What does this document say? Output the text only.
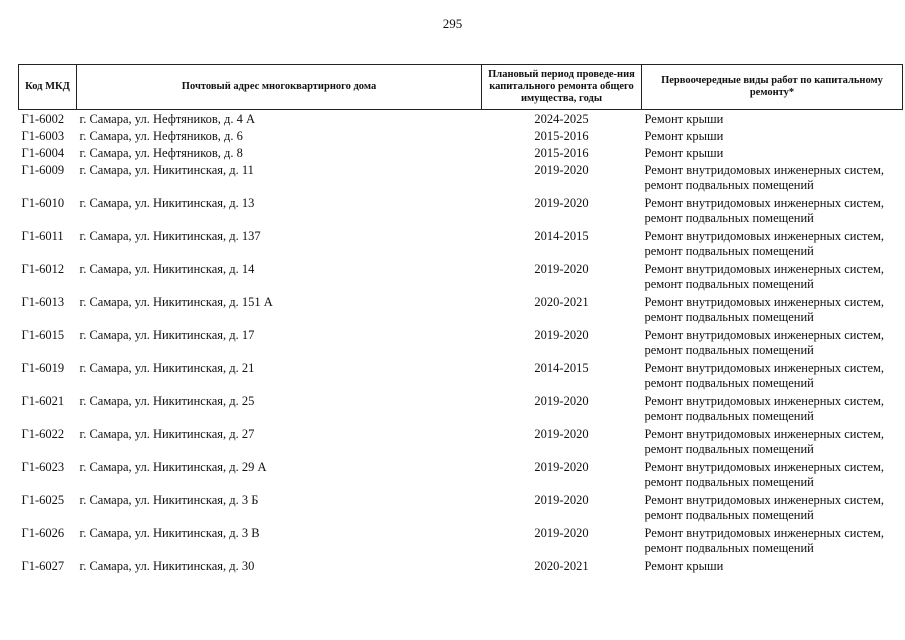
295
Код МКД	Почтовый адрес многоквартирного дома	Плановый период проведе-ния капитального ремонта общего имущества, годы	Первоочередные виды работ по капитальному ремонту*
Г1-6002	г. Самара, ул. Нефтяников, д. 4 А	2024-2025	Ремонт крыши

Г1-6003	г. Самара, ул. Нефтяников, д. 6	2015-2016	Ремонт крыши

Г1-6004	г. Самара, ул. Нефтяников, д. 8	2015-2016	Ремонт крыши

Г1-6009	г. Самара, ул. Никитинская, д. 11	2019-2020	Ремонт внутридомовых инженерных систем,
ремонт подвальных помещений

Г1-6010	г. Самара, ул. Никитинская, д. 13	2019-2020	Ремонт внутридомовых инженерных систем,
ремонт подвальных помещений

Г1-6011	г. Самара, ул. Никитинская, д. 137	2014-2015	Ремонт внутридомовых инженерных систем,
ремонт подвальных помещений

Г1-6012	г. Самара, ул. Никитинская, д. 14	2019-2020	Ремонт внутридомовых инженерных систем,
ремонт подвальных помещений

Г1-6013	г. Самара, ул. Никитинская, д. 151 А	2020-2021	Ремонт внутридомовых инженерных систем,
ремонт подвальных помещений

Г1-6015	г. Самара, ул. Никитинская, д. 17	2019-2020	Ремонт внутридомовых инженерных систем,
ремонт подвальных помещений

Г1-6019	г. Самара, ул. Никитинская, д. 21	2014-2015	Ремонт внутридомовых инженерных систем,
ремонт подвальных помещений

Г1-6021	г. Самара, ул. Никитинская, д. 25	2019-2020	Ремонт внутридомовых инженерных систем,
ремонт подвальных помещений

Г1-6022	г. Самара, ул. Никитинская, д. 27	2019-2020	Ремонт внутридомовых инженерных систем,
ремонт подвальных помещений

Г1-6023	г. Самара, ул. Никитинская, д. 29 А	2019-2020	Ремонт внутридомовых инженерных систем,
ремонт подвальных помещений

Г1-6025	г. Самара, ул. Никитинская, д. 3 Б	2019-2020	Ремонт внутридомовых инженерных систем,
ремонт подвальных помещений

Г1-6026	г. Самара, ул. Никитинская, д. 3 В	2019-2020	Ремонт внутридомовых инженерных систем,
ремонт подвальных помещений

Г1-6027	г. Самара, ул. Никитинская, д. 30	2020-2021	Ремонт крыши
